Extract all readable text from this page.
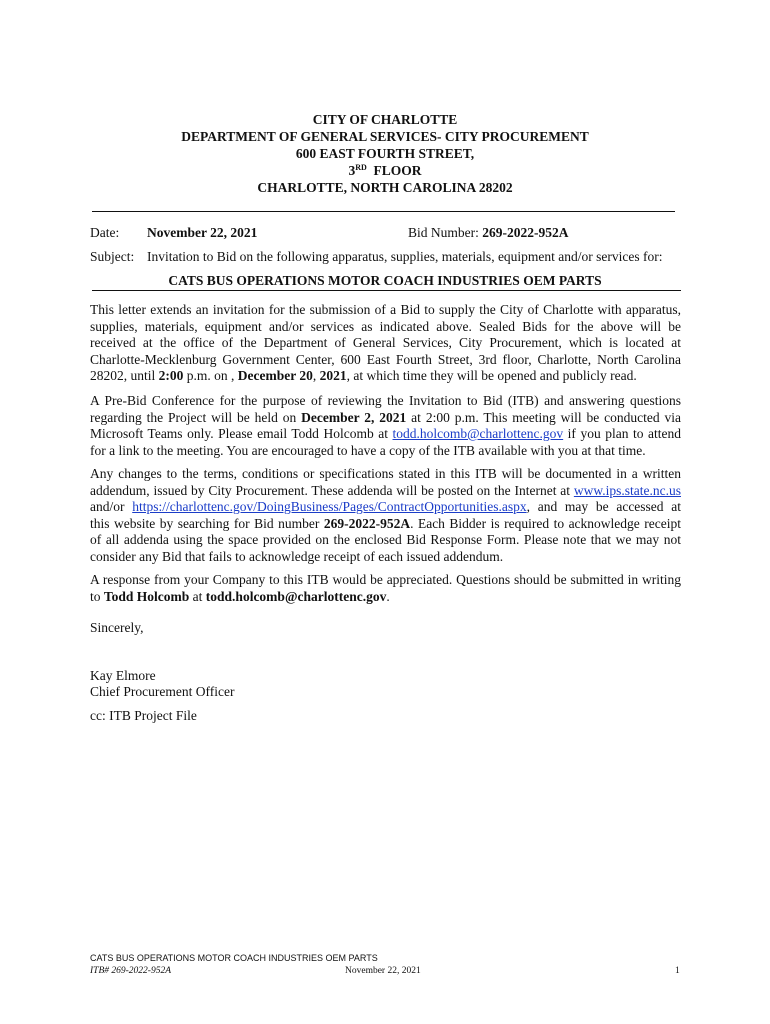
CITY OF CHARLOTTE
DEPARTMENT OF GENERAL SERVICES- CITY PROCUREMENT
600 EAST FOURTH STREET,
3RD FLOOR
CHARLOTTE, NORTH CAROLINA 28202
Date: November 22, 2021	Bid Number: 269-2022-952A
Subject: Invitation to Bid on the following apparatus, supplies, materials, equipment and/or services for:
CATS BUS OPERATIONS MOTOR COACH INDUSTRIES OEM PARTS
This letter extends an invitation for the submission of a Bid to supply the City of Charlotte with apparatus,
supplies, materials, equipment and/or services as indicated above. Sealed Bids for the above will be
received at the office of the Department of General Services, City Procurement, which is located at
Charlotte-Mecklenburg Government Center, 600 East Fourth Street, 3rd floor, Charlotte, North Carolina
28202, until 2:00 p.m. on , December 20, 2021, at which time they will be opened and publicly read.
A Pre-Bid Conference for the purpose of reviewing the Invitation to Bid (ITB) and answering questions
regarding the Project will be held on December 2, 2021 at 2:00 p.m. This meeting will be conducted via
Microsoft Teams only. Please email Todd Holcomb at todd.holcomb@charlottenc.gov if you plan to attend
for a link to the meeting. You are encouraged to have a copy of the ITB available with you at that time.
Any changes to the terms, conditions or specifications stated in this ITB will be documented in a written
addendum, issued by City Procurement. These addenda will be posted on the Internet at www.ips.state.nc.us
and/or https://charlottenc.gov/DoingBusiness/Pages/ContractOpportunities.aspx, and may be accessed at
this website by searching for Bid number 269-2022-952A. Each Bidder is required to acknowledge receipt
of all addenda using the space provided on the enclosed Bid Response Form. Please note that we may not
consider any Bid that fails to acknowledge receipt of each issued addendum.
A response from your Company to this ITB would be appreciated. Questions should be submitted in writing
to Todd Holcomb at todd.holcomb@charlottenc.gov.
Sincerely,
Kay Elmore
Chief Procurement Officer
cc: ITB Project File
CATS BUS OPERATIONS MOTOR COACH INDUSTRIES OEM PARTS
ITB# 269-2022-952A	November 22, 2021	1
